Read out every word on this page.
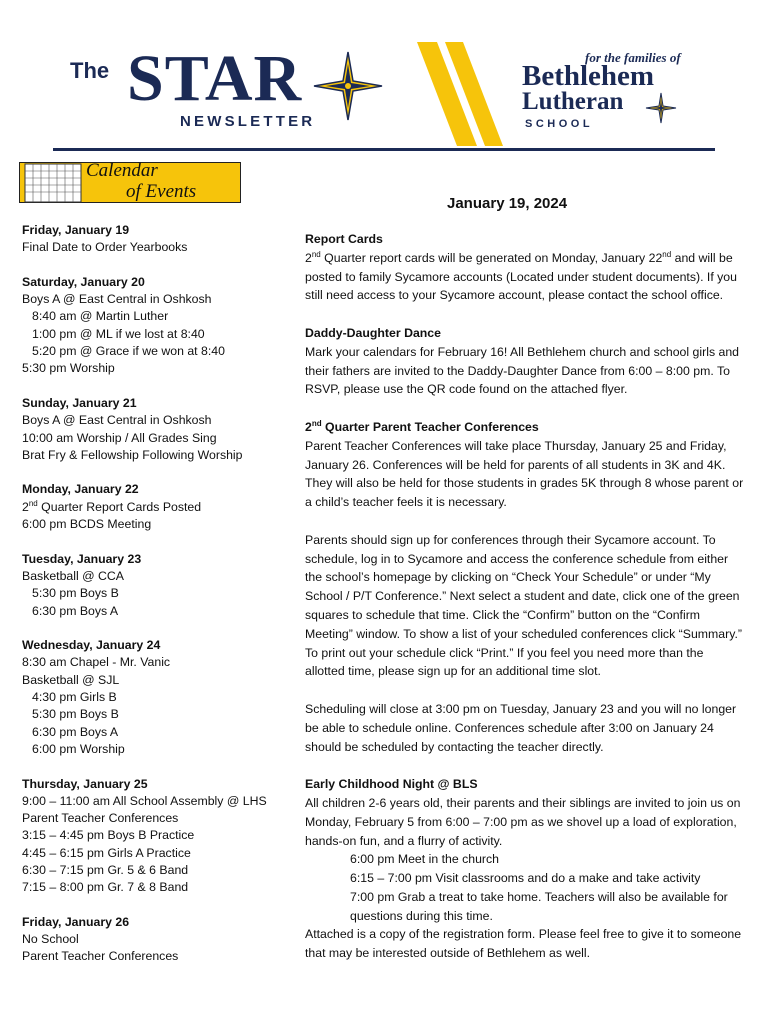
The STAR
NEWSLETTER
for the families of
Bethlehem
Lutheran
SCHOOL
Calendar
of Events
Friday, January 19
Final Date to Order Yearbooks
Saturday, January 20
Boys A @ East Central in Oshkosh
8:40 am @ Martin Luther
1:00 pm @ ML if we lost at 8:40
5:20 pm @ Grace if we won at 8:40
5:30 pm Worship
Sunday, January 21
Boys A @ East Central in Oshkosh
10:00 am Worship / All Grades Sing
Brat Fry & Fellowship Following Worship
Monday, January 22
2nd Quarter Report Cards Posted
6:00 pm BCDS Meeting
Tuesday, January 23
Basketball @ CCA
5:30 pm Boys B
6:30 pm Boys A
Wednesday, January 24
8:30 am Chapel - Mr. Vanic
Basketball @ SJL
4:30 pm Girls B
5:30 pm Boys B
6:30 pm Boys A
6:00 pm Worship
Thursday, January 25
9:00 – 11:00 am All School Assembly @ LHS
Parent Teacher Conferences
3:15 – 4:45 pm Boys B Practice
4:45 – 6:15 pm Girls A Practice
6:30 – 7:15 pm Gr. 5 & 6 Band
7:15 – 8:00 pm Gr. 7 & 8 Band
Friday, January 26
No School
Parent Teacher Conferences
January 19, 2024
Report Cards
2nd Quarter report cards will be generated on Monday, January 22nd and will be posted to family Sycamore accounts (Located under student documents). If you still need access to your Sycamore account, please contact the school office.
Daddy-Daughter Dance
Mark your calendars for February 16! All Bethlehem church and school girls and their fathers are invited to the Daddy-Daughter Dance from 6:00 – 8:00 pm. To RSVP, please use the QR code found on the attached flyer.
2nd Quarter Parent Teacher Conferences
Parent Teacher Conferences will take place Thursday, January 25 and Friday, January 26. Conferences will be held for parents of all students in 3K and 4K. They will also be held for those students in grades 5K through 8 whose parent or a child’s teacher feels it is necessary.
Parents should sign up for conferences through their Sycamore account. To schedule, log in to Sycamore and access the conference schedule from either the school’s homepage by clicking on “Check Your Schedule” or under “My School / P/T Conference.” Next select a student and date, click one of the green squares to schedule that time. Click the “Confirm” button on the “Confirm Meeting” window. To show a list of your scheduled conferences click “Summary.” To print out your schedule click “Print.” If you feel you need more than the allotted time, please sign up for an additional time slot.
Scheduling will close at 3:00 pm on Tuesday, January 23 and you will no longer be able to schedule online. Conferences schedule after 3:00 on January 24 should be scheduled by contacting the teacher directly.
Early Childhood Night @ BLS
All children 2-6 years old, their parents and their siblings are invited to join us on Monday, February 5 from 6:00 – 7:00 pm as we shovel up a load of exploration, hands-on fun, and a flurry of activity.
6:00 pm Meet in the church
6:15 – 7:00 pm Visit classrooms and do a make and take activity
7:00 pm Grab a treat to take home. Teachers will also be available for questions during this time.
Attached is a copy of the registration form. Please feel free to give it to someone that may be interested outside of Bethlehem as well.
